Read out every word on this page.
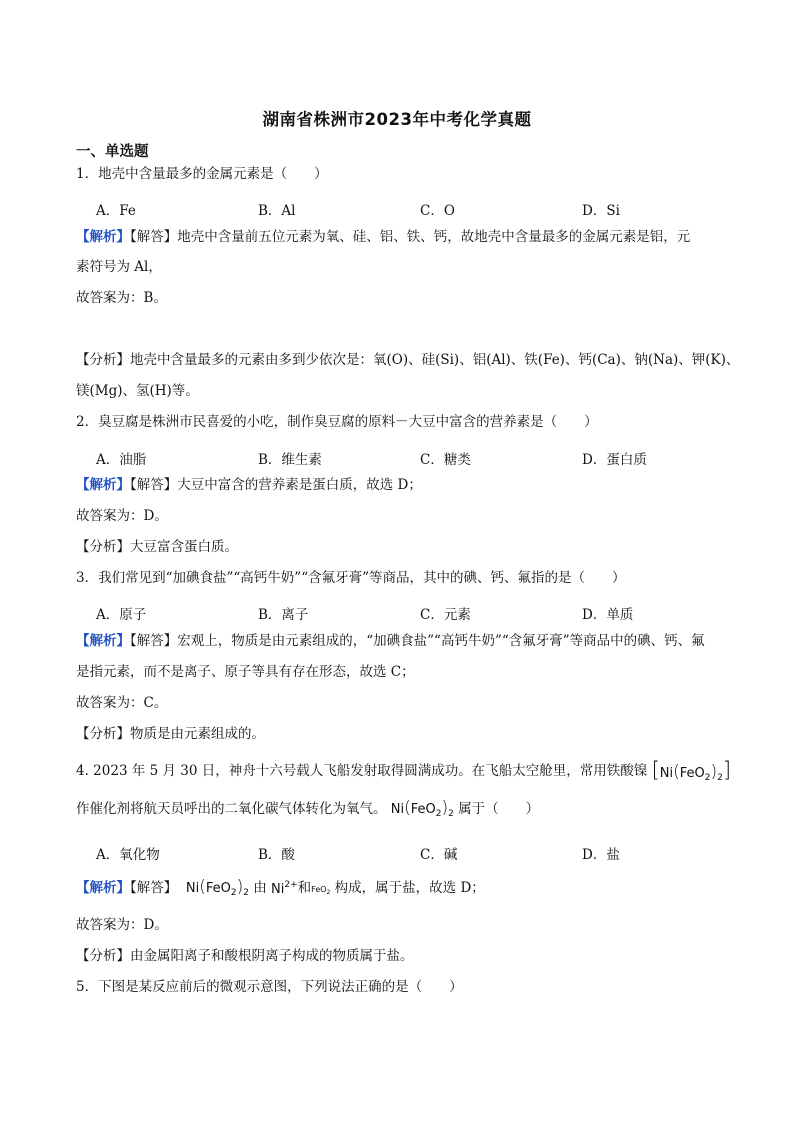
湖南省株洲市2023年中考化学真题
一、单选题
1．地壳中含量最多的金属元素是（　　）
A．Fe	B．Al	C．O	D．Si
【解析】【解答】地壳中含量前五位元素为氧、硅、铝、铁、钙，故地壳中含量最多的金属元素是铝，元
素符号为 Al，
故答案为：B。
【分析】地壳中含量最多的元素由多到少依次是：氧(O)、硅(Si)、铝(Al)、铁(Fe)、钙(Ca)、钠(Na)、钾(K)、
镁(Mg)、氢(H)等。
2．臭豆腐是株洲市民喜爱的小吃，制作臭豆腐的原料－大豆中富含的营养素是（　　）
A．油脂	B．维生素	C．糖类	D．蛋白质
【解析】【解答】大豆中富含的营养素是蛋白质，故选 D；
故答案为：D。
【分析】大豆富含蛋白质。
3．我们常见到“加碘食盐”“高钙牛奶”“含氟牙膏”等商品，其中的碘、钙、氟指的是（　　）
A．原子	B．离子	C．元素	D．单质
【解析】【解答】宏观上，物质是由元素组成的，“加碘食盐”“高钙牛奶”“含氟牙膏”等商品中的碘、钙、氟
是指元素，而不是离子、原子等具有存在形态，故选 C；
故答案为：C。
【分析】物质是由元素组成的。
4. 2023 年 5 月 30 日，神舟十六号载人飞船发射取得圆满成功。在飞船太空舱里，常用铁酸镍 $[Ni(FeO_2)_2]$
作催化剂将航天员呼出的二氧化碳气体转化为氧气。 $Ni(FeO_2)_2$ 属于（　　）
A．氧化物	B．酸	C．碱	D．盐
【解析】【解答】 $Ni(FeO_2)_2$ 由 $Ni^{2+}$和FeO$_2$ 构成，属于盐，故选 D；
故答案为：D。
【分析】由金属阳离子和酸根阴离子构成的物质属于盐。
5．下图是某反应前后的微观示意图，下列说法正确的是（　　）
